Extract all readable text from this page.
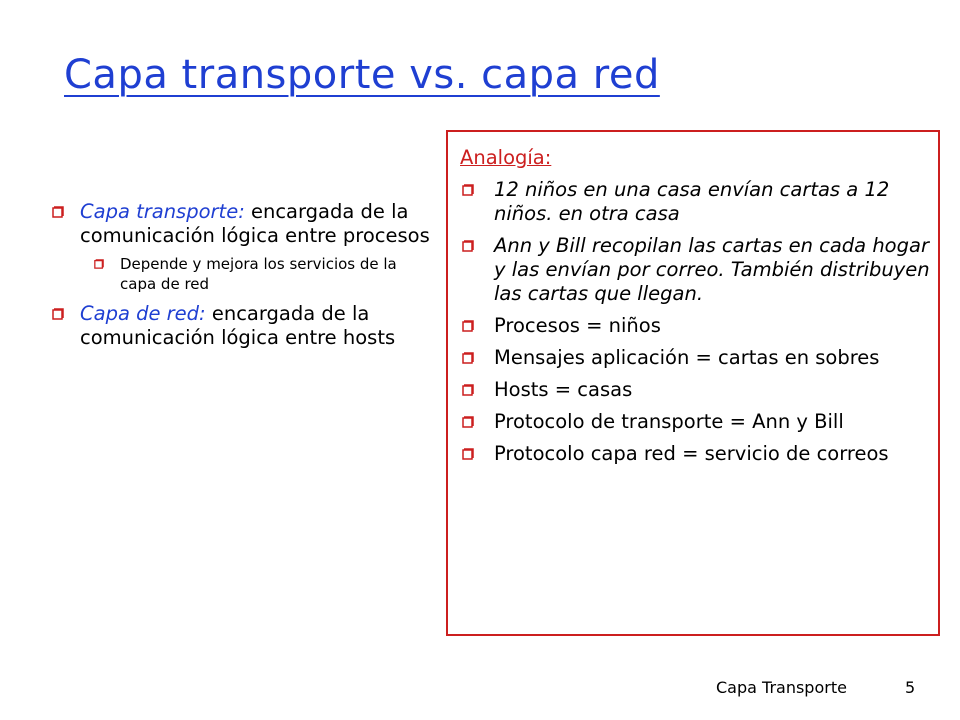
Capa transporte vs. capa red
Capa transporte: encargada de la comunicación lógica entre procesos
Depende y mejora los servicios de la capa de red
Capa de red: encargada de la comunicación lógica entre hosts
Analogía:
12 niños en una casa envían cartas a 12 niños. en otra casa
Ann y Bill recopilan las cartas en cada hogar y las envían por correo. También distribuyen las cartas que llegan.
Procesos = niños
Mensajes aplicación = cartas en sobres
Hosts = casas
Protocolo de transporte = Ann y Bill
Protocolo capa red = servicio de correos
Capa Transporte	5
